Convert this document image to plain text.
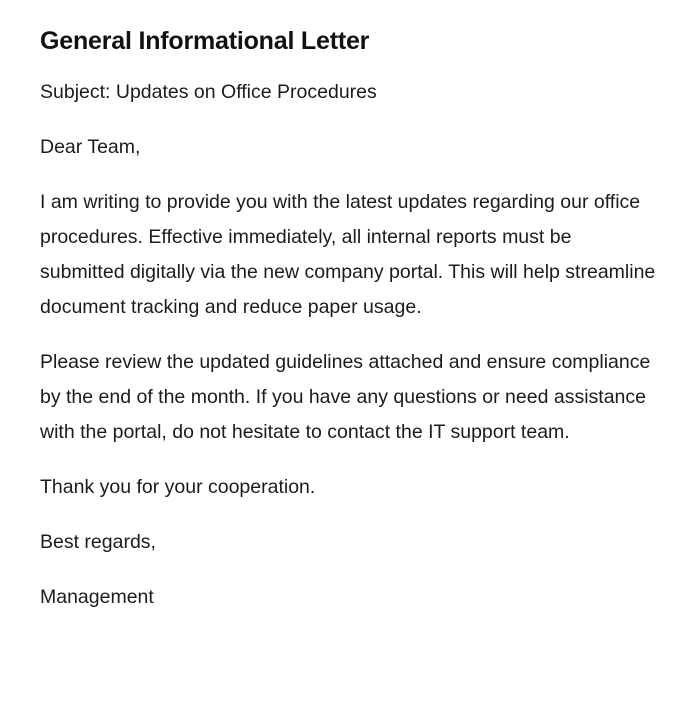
General Informational Letter

Subject: Updates on Office Procedures

Dear Team,

I am writing to provide you with the latest updates regarding our office procedures. Effective immediately, all internal reports must be submitted digitally via the new company portal. This will help streamline document tracking and reduce paper usage.

Please review the updated guidelines attached and ensure compliance by the end of the month. If you have any questions or need assistance with the portal, do not hesitate to contact the IT support team.

Thank you for your cooperation.

Best regards,

Management
